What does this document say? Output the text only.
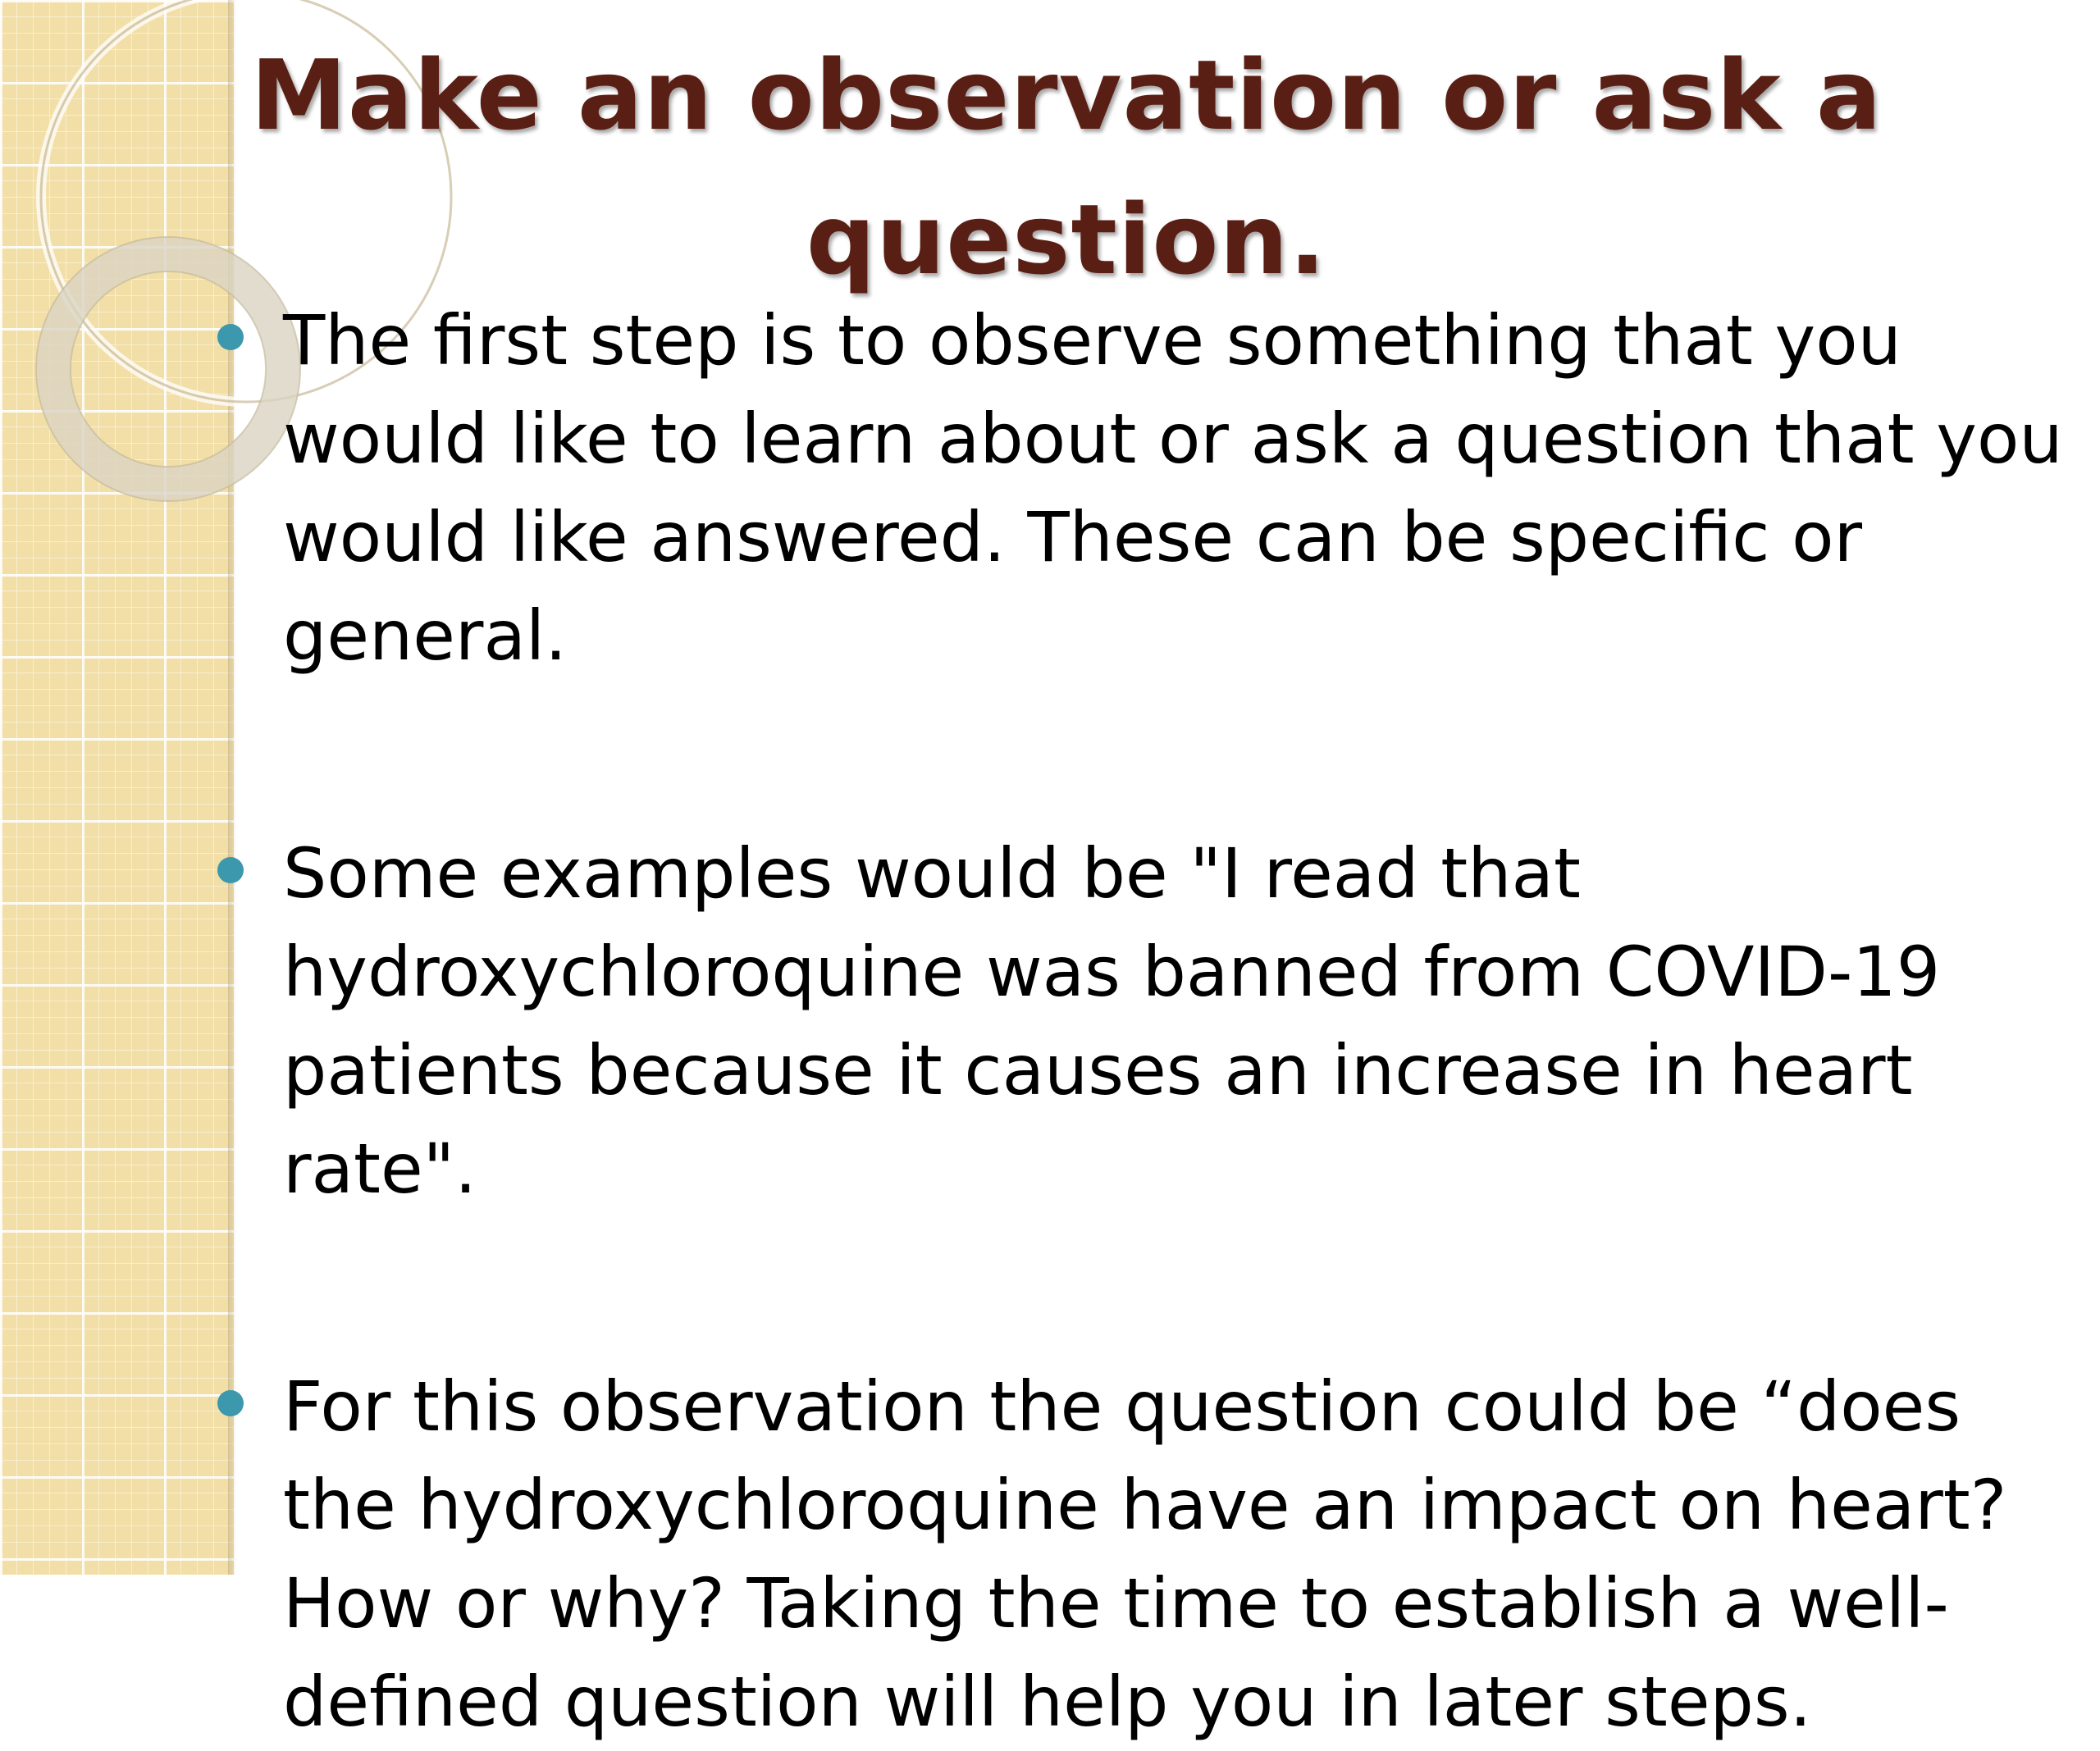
Make an observation or ask a question.
The first step is to observe something that you would like to learn about or ask a question that you would like answered. These can be specific or general.
Some examples would be "I read that hydroxychloroquine was banned from COVID-19 patients because it causes an increase in heart rate".
For this observation the question could be “does the hydroxychloroquine have an impact on heart? How or why? Taking the time to establish a well-defined question will help you in later steps.
